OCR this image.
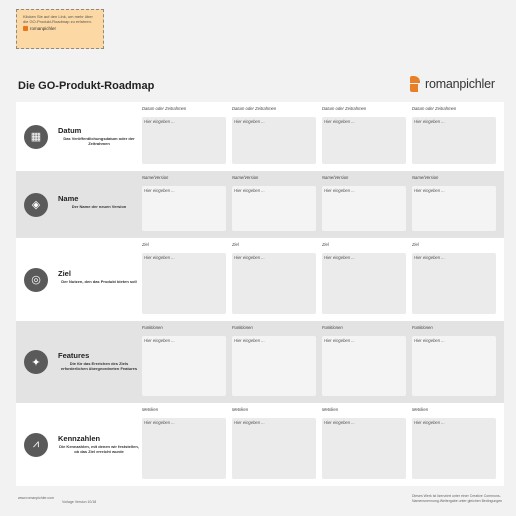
Klicken Sie auf den Link, um mehr über die GO-Produkt-Roadmap zu erfahren.
romanpichler
Die GO-Produkt-Roadmap	romanpichler
▦
Datum
Das Veröffentlichungsdatum oder der Zeitrahmen
Datum oder Zeitrahmen
Hier eingeben ...
Datum oder Zeitrahmen
Hier eingeben ...
Datum oder Zeitrahmen
Hier eingeben ...
Datum oder Zeitrahmen
Hier eingeben ...
◈
Name
Der Name der neuen Version
Name/Version
Hier eingeben ...
Name/Version
Hier eingeben ...
Name/Version
Hier eingeben ...
Name/Version
Hier eingeben ...
◎
Ziel
Der Nutzen, den das Produkt bieten soll
Ziel
Hier eingeben ...
Ziel
Hier eingeben ...
Ziel
Hier eingeben ...
Ziel
Hier eingeben ...
✦
Features
Die für das Erreichen des Ziels erforderlichen übergeordneten Features
Funktionen
Hier eingeben ...
Funktionen
Hier eingeben ...
Funktionen
Hier eingeben ...
Funktionen
Hier eingeben ...
⩘	Kennzahlen
Die Kennzahlen, mit denen wir feststellen, ob das Ziel erreicht wurde
Metriken
Hier eingeben ...
Metriken
Hier eingeben ...
Metriken
Hier eingeben ...
Metriken
Hier eingeben ...
www.romanpichler.com
Vorlage Version 10/18
Dieses Werk ist lizenziert unter einer Creative Commons-Namensnennung-Weitergabe unter gleichen Bedingungen
